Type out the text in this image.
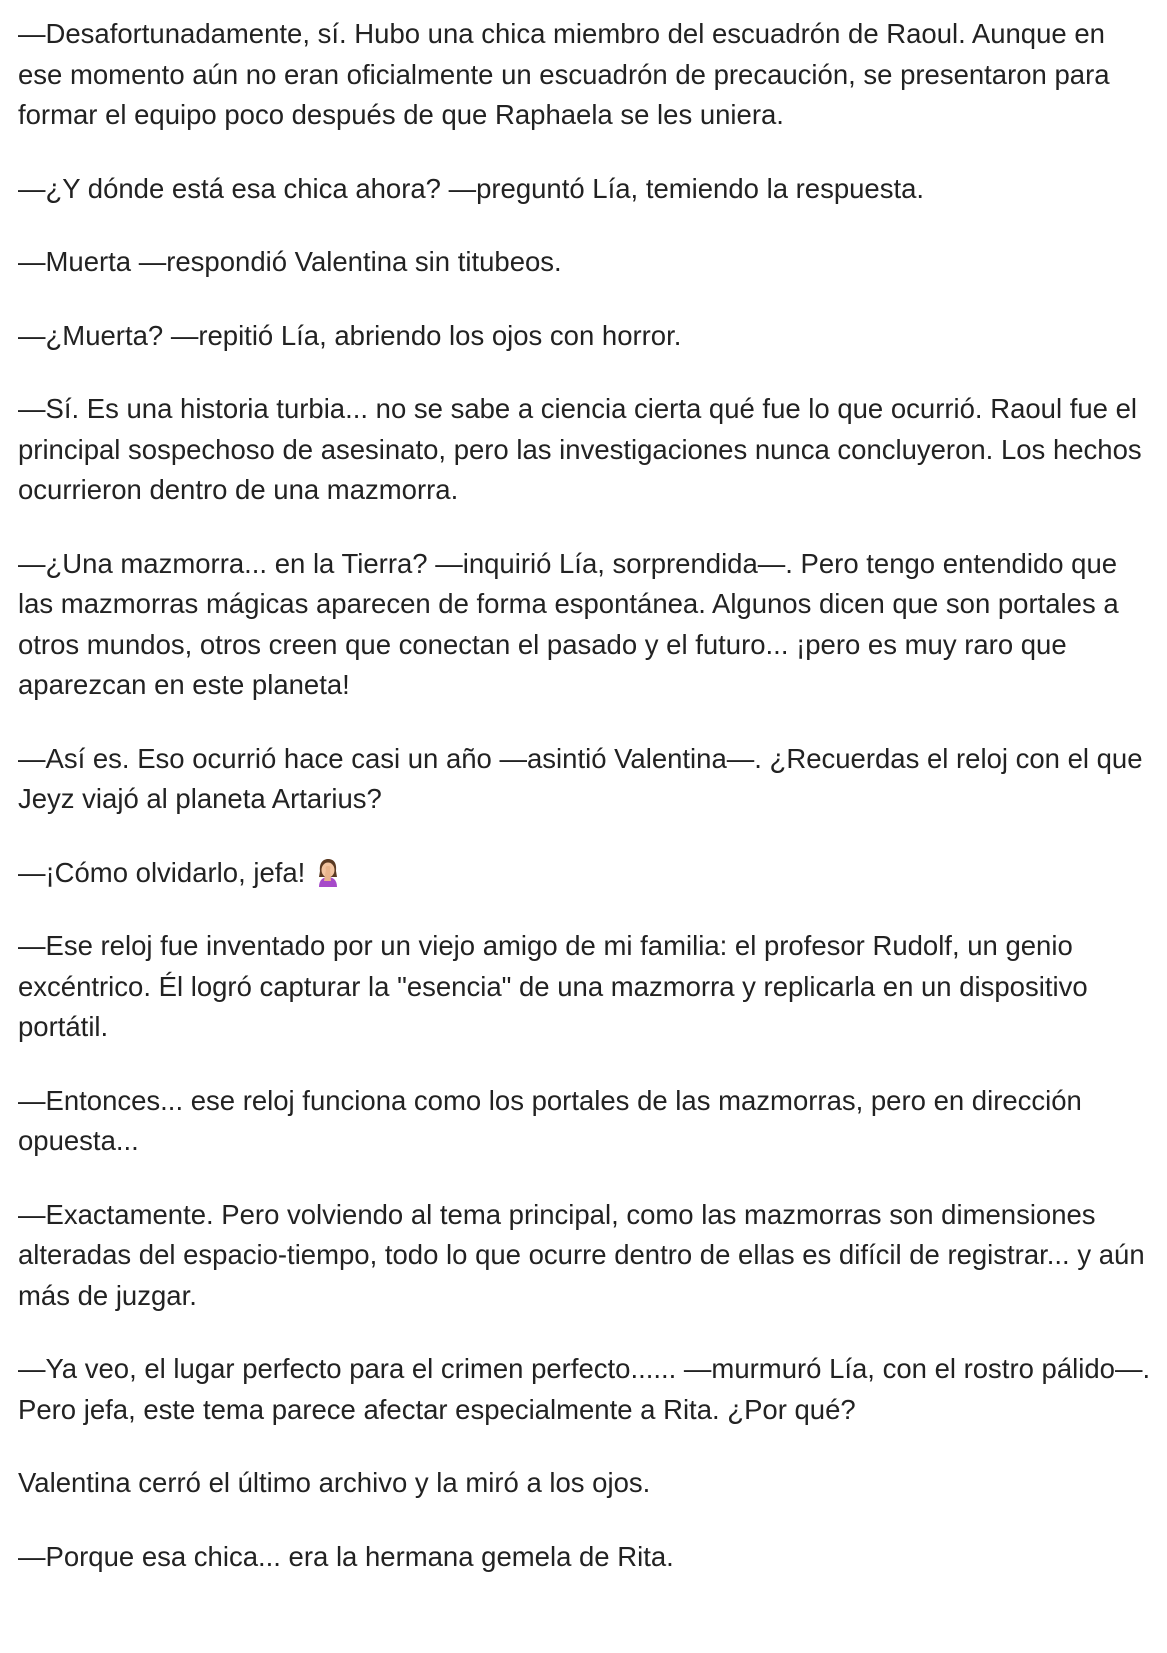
—Desafortunadamente, sí. Hubo una chica miembro del escuadrón de Raoul. Aunque en ese momento aún no eran oficialmente un escuadrón de precaución, se presentaron para formar el equipo poco después de que Raphaela se les uniera.

—¿Y dónde está esa chica ahora? —preguntó Lía, temiendo la respuesta.

—Muerta —respondió Valentina sin titubeos.

—¿Muerta? —repitió Lía, abriendo los ojos con horror.

—Sí. Es una historia turbia... no se sabe a ciencia cierta qué fue lo que ocurrió. Raoul fue el principal sospechoso de asesinato, pero las investigaciones nunca concluyeron. Los hechos ocurrieron dentro de una mazmorra.

—¿Una mazmorra... en la Tierra? —inquirió Lía, sorprendida—. Pero tengo entendido que las mazmorras mágicas aparecen de forma espontánea. Algunos dicen que son portales a otros mundos, otros creen que conectan el pasado y el futuro... ¡pero es muy raro que aparezcan en este planeta!

—Así es. Eso ocurrió hace casi un año —asintió Valentina—. ¿Recuerdas el reloj con el que Jeyz viajó al planeta Artarius?

—¡Cómo olvidarlo, jefa!

—Ese reloj fue inventado por un viejo amigo de mi familia: el profesor Rudolf, un genio excéntrico. Él logró capturar la "esencia" de una mazmorra y replicarla en un dispositivo portátil.

—Entonces... ese reloj funciona como los portales de las mazmorras, pero en dirección opuesta...

—Exactamente. Pero volviendo al tema principal, como las mazmorras son dimensiones alteradas del espacio-tiempo, todo lo que ocurre dentro de ellas es difícil de registrar... y aún más de juzgar.

—Ya veo, el lugar perfecto para el crimen perfecto...... —murmuró Lía, con el rostro pálido—. Pero jefa, este tema parece afectar especialmente a Rita. ¿Por qué?

Valentina cerró el último archivo y la miró a los ojos.

—Porque esa chica... era la hermana gemela de Rita.
